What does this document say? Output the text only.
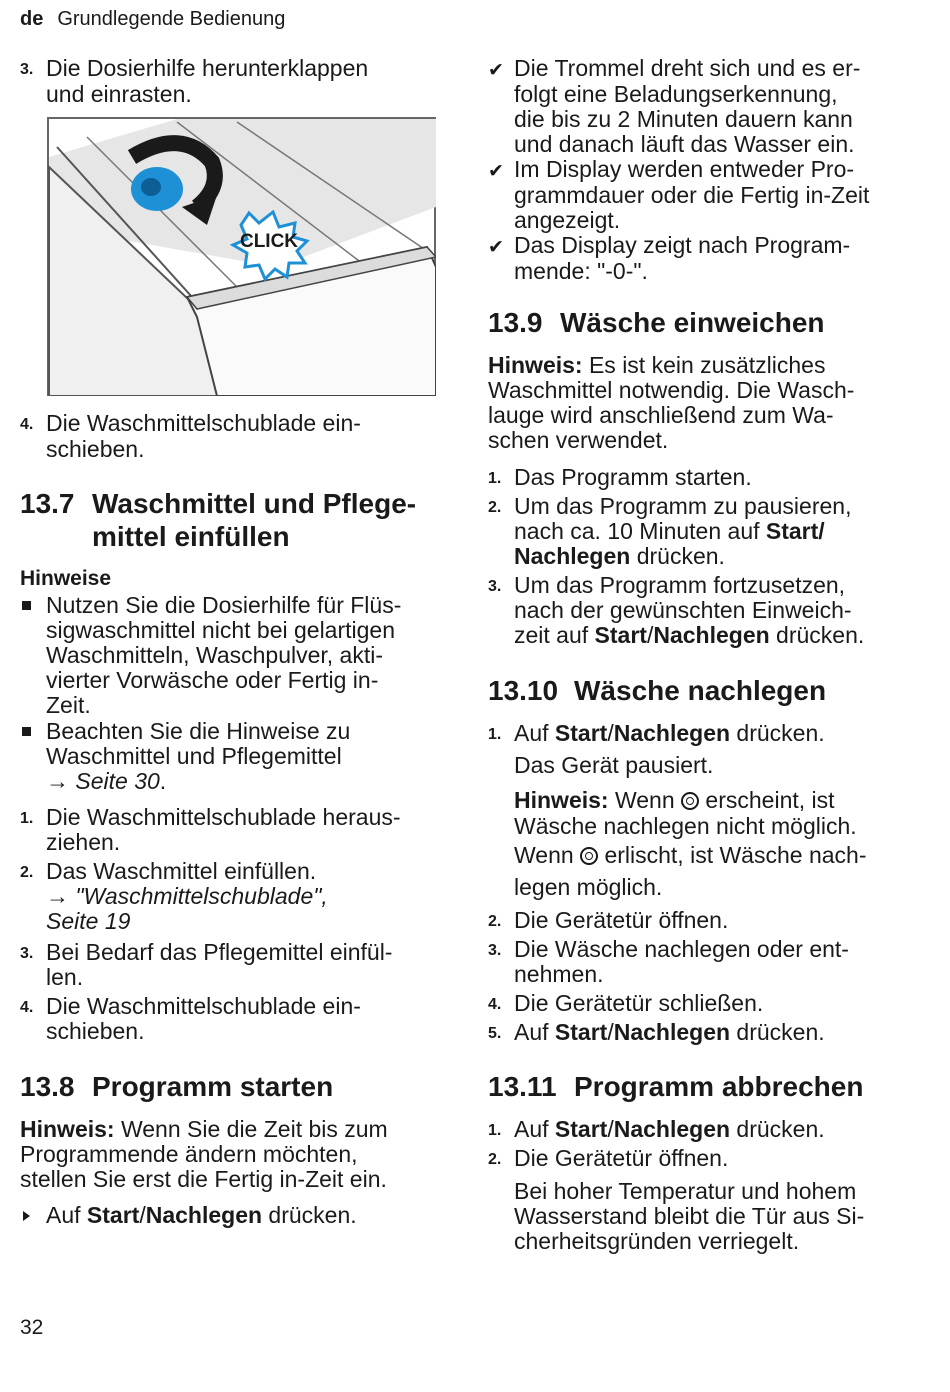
de Grundlegende Bedienung
3. Die Dosierhilfe herunterklappen
und einrasten.
CLICK
4. Die Waschmittelschublade ein-
schieben.
13.7 Waschmittel und Pflege-
mittel einfüllen
Hinweise
Nutzen Sie die Dosierhilfe für Flüs-
sigwaschmittel nicht bei gelartigen
Waschmitteln, Waschpulver, akti-
vierter Vorwäsche oder Fertig in-
Zeit.
Beachten Sie die Hinweise zu
Waschmittel und Pflegemittel
→ Seite 30.
1. Die Waschmittelschublade heraus-
ziehen.
2. Das Waschmittel einfüllen.
→ "Waschmittelschublade",
Seite 19
3. Bei Bedarf das Pflegemittel einfül-
len.
4. Die Waschmittelschublade ein-
schieben.
13.8 Programm starten
Hinweis: Wenn Sie die Zeit bis zum
Programmende ändern möchten,
stellen Sie erst die Fertig in-Zeit ein.
Auf Start/Nachlegen drücken.
✔ Die Trommel dreht sich und es er-
folgt eine Beladungserkennung,
die bis zu 2 Minuten dauern kann
und danach läuft das Wasser ein.
✔ Im Display werden entweder Pro-
grammdauer oder die Fertig in-Zeit
angezeigt.
✔ Das Display zeigt nach Program-
mende: "-0-".
13.9 Wäsche einweichen
Hinweis: Es ist kein zusätzliches
Waschmittel notwendig. Die Wasch-
lauge wird anschließend zum Wa-
schen verwendet.
1. Das Programm starten.
2. Um das Programm zu pausieren,
nach ca. 10 Minuten auf Start/
Nachlegen drücken.
3. Um das Programm fortzusetzen,
nach der gewünschten Einweich-
zeit auf Start/Nachlegen drücken.
13.10 Wäsche nachlegen
1. Auf Start/Nachlegen drücken.
Das Gerät pausiert.
Hinweis: Wenn  erscheint, ist
Wäsche nachlegen nicht möglich.
Wenn  erlischt, ist Wäsche nach-
legen möglich.
2. Die Gerätetür öffnen.
3. Die Wäsche nachlegen oder ent-
nehmen.
4. Die Gerätetür schließen.
5. Auf Start/Nachlegen drücken.
13.11 Programm abbrechen
1. Auf Start/Nachlegen drücken.
2. Die Gerätetür öffnen.
Bei hoher Temperatur und hohem
Wasserstand bleibt die Tür aus Si-
cherheitsgründen verriegelt.
32
